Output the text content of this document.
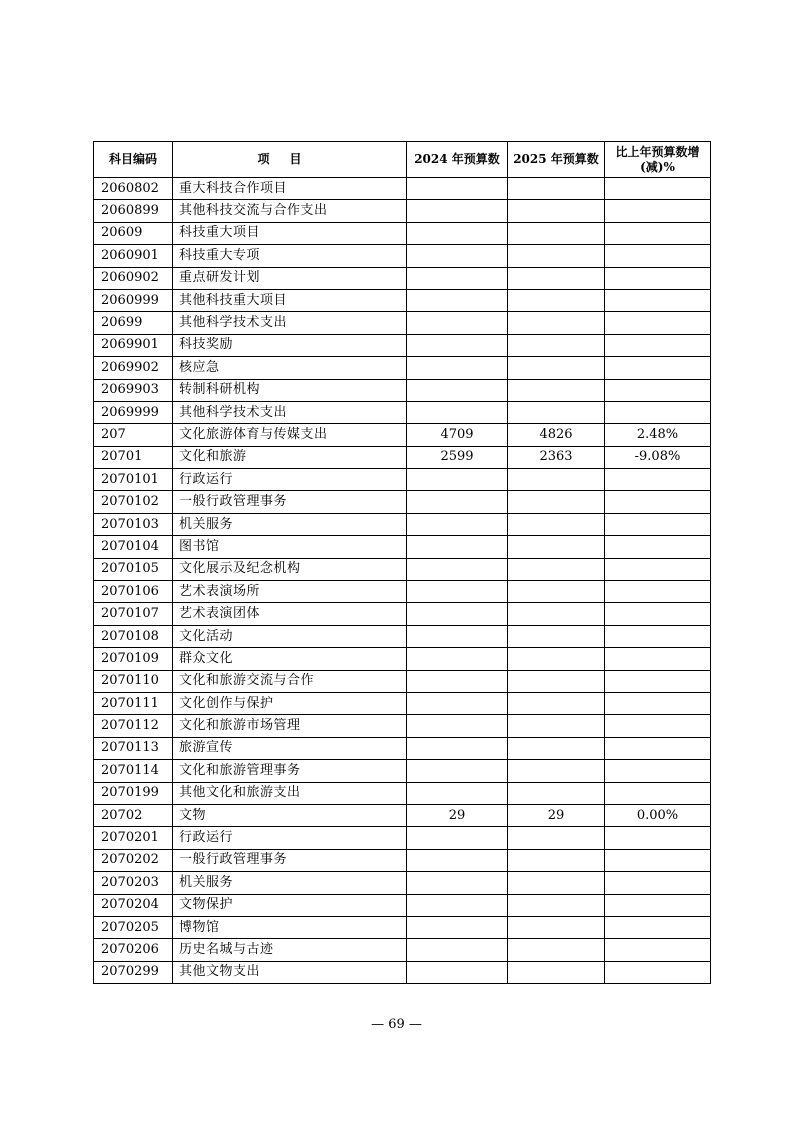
科目编码	项目	2024 年预算数	2025 年预算数	比上年预算数增 (减)%
2060802	重大科技合作项目			
2060899	其他科技交流与合作支出			
20609	科技重大项目			
2060901	科技重大专项			
2060902	重点研发计划			
2060999	其他科技重大项目			
20699	其他科学技术支出			
2069901	科技奖励			
2069902	核应急			
2069903	转制科研机构			
2069999	其他科学技术支出			
207	文化旅游体育与传媒支出	4709	4826	2.48%
20701	文化和旅游	2599	2363	-9.08%
2070101	行政运行			
2070102	一般行政管理事务			
2070103	机关服务			
2070104	图书馆			
2070105	文化展示及纪念机构			
2070106	艺术表演场所			
2070107	艺术表演团体			
2070108	文化活动			
2070109	群众文化			
2070110	文化和旅游交流与合作			
2070111	文化创作与保护			
2070112	文化和旅游市场管理			
2070113	旅游宣传			
2070114	文化和旅游管理事务			
2070199	其他文化和旅游支出			
20702	文物	29	29	0.00%
2070201	行政运行			
2070202	一般行政管理事务			
2070203	机关服务			
2070204	文物保护			
2070205	博物馆			
2070206	历史名城与古迹			
2070299	其他文物支出			
— 69 —
